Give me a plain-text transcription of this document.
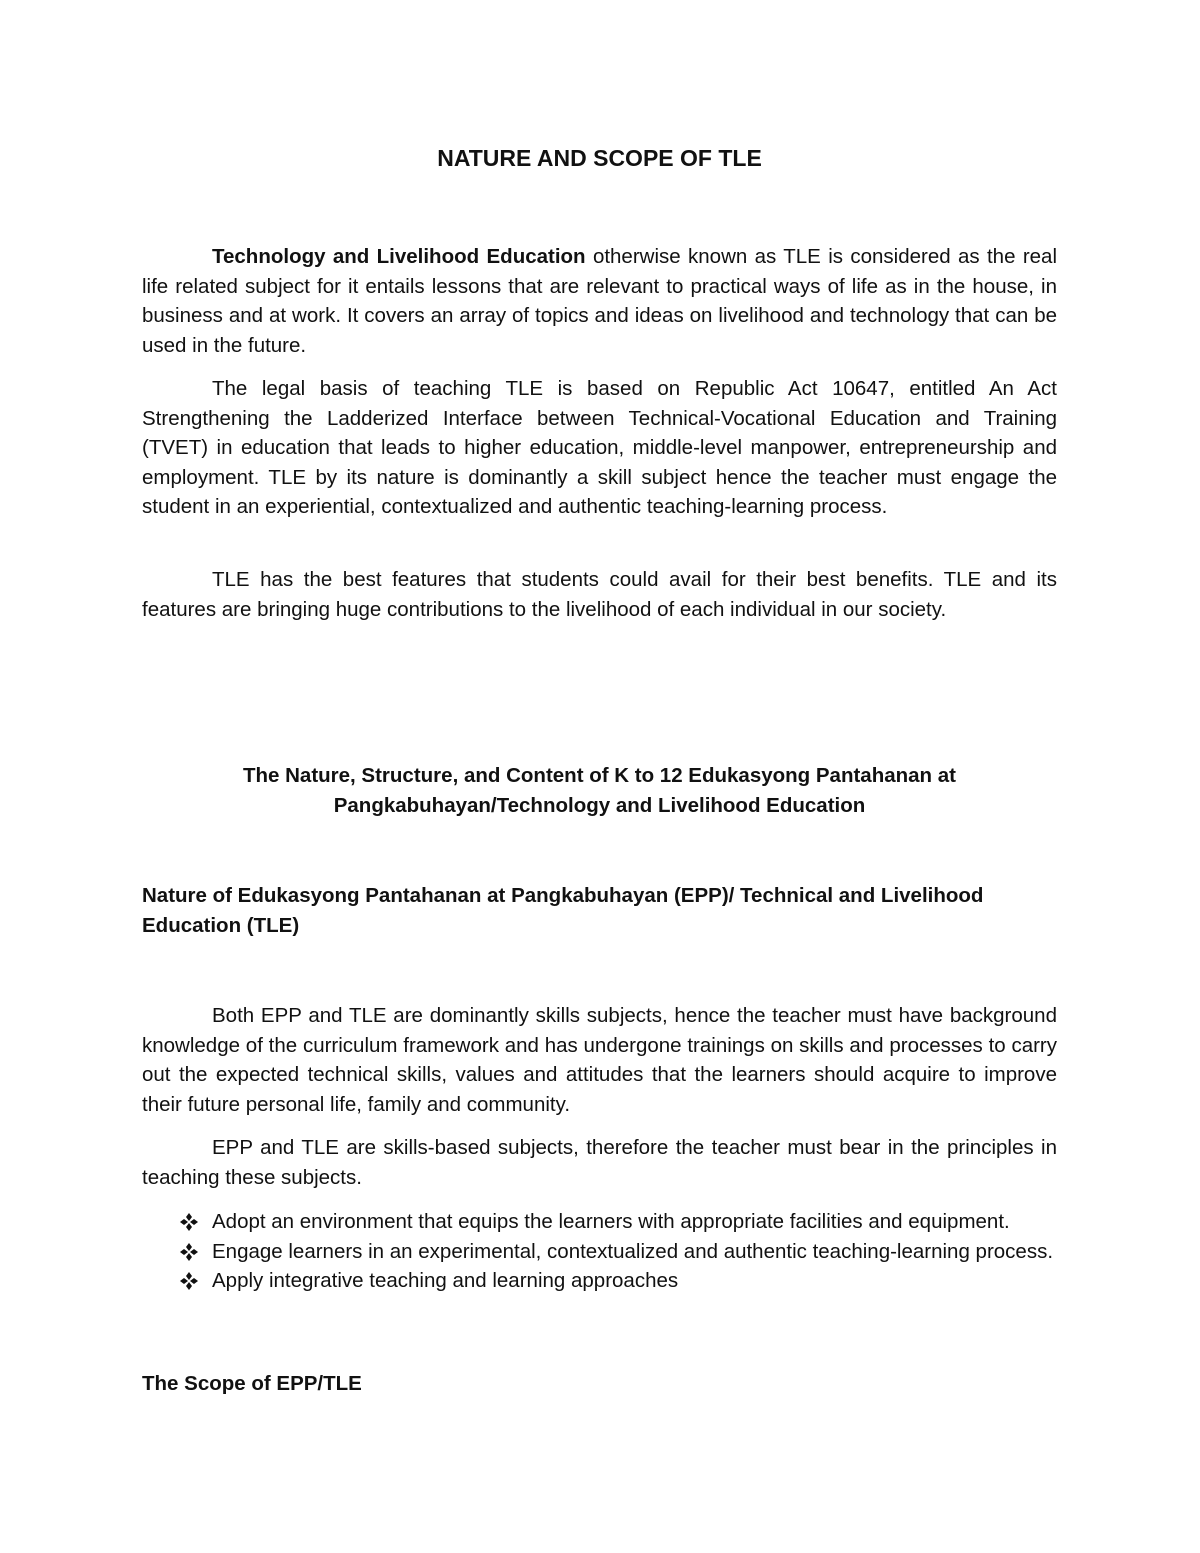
NATURE AND SCOPE OF TLE

Technology and Livelihood Education otherwise known as TLE is considered as the real life related subject for it entails lessons that are relevant to practical ways of life as in the house, in business and at work. It covers an array of topics and ideas on livelihood and technology that can be used in the future.

The legal basis of teaching TLE is based on Republic Act 10647, entitled An Act Strengthening the Ladderized Interface between Technical-Vocational Education and Training (TVET) in education that leads to higher education, middle-level manpower, entrepreneurship and employment. TLE by its nature is dominantly a skill subject hence the teacher must engage the student in an experiential, contextualized and authentic teaching-learning process.

TLE has the best features that students could avail for their best benefits. TLE and its features are bringing huge contributions to the livelihood of each individual in our society.

The Nature, Structure, and Content of K to 12 Edukasyong Pantahanan at
Pangkabuhayan/Technology and Livelihood Education
Nature of Edukasyong Pantahanan at Pangkabuhayan (EPP)/ Technical and Livelihood Education (TLE)

Both EPP and TLE are dominantly skills subjects, hence the teacher must have background knowledge of the curriculum framework and has undergone trainings on skills and processes to carry out the expected technical skills, values and attitudes that the learners should acquire to improve their future personal life, family and community.

EPP and TLE are skills-based subjects, therefore the teacher must bear in the principles in teaching these subjects.

Adopt an environment that equips the learners with appropriate facilities and equipment.
Engage learners in an experimental, contextualized and authentic teaching-learning process.
Apply integrative teaching and learning approaches
The Scope of EPP/TLE
